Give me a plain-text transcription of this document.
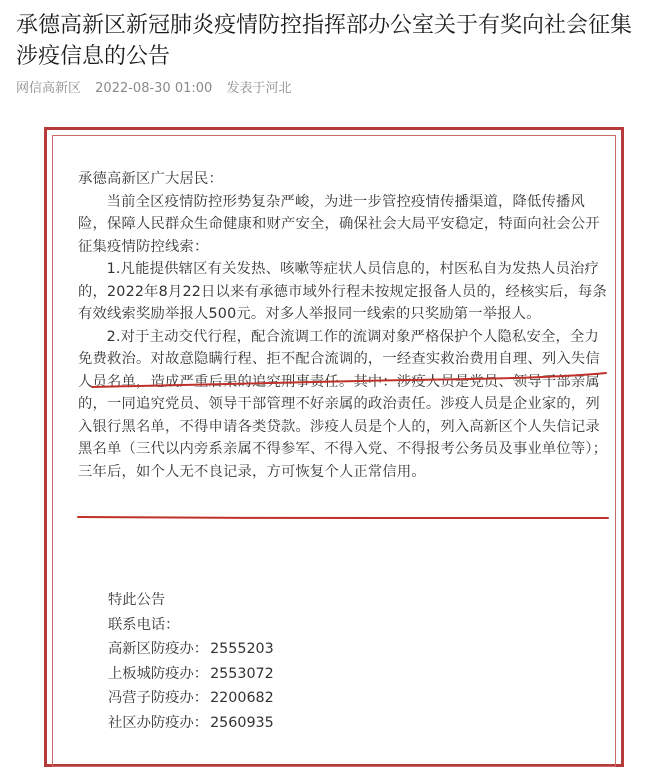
承德高新区新冠肺炎疫情防控指挥部办公室关于有奖向社会征集涉疫信息的公告
网信高新区 2022-08-30 01:00 发表于河北

承德高新区广大居民：

当前全区疫情防控形势复杂严峻，为进一步管控疫情传播渠道，降低传播风险，保障人民群众生命健康和财产安全，确保社会大局平安稳定，特面向社会公开征集疫情防控线索：

1.凡能提供辖区有关发热、咳嗽等症状人员信息的，村医私自为发热人员治疗的，2022年8月22日以来有承德市域外行程未按规定报备人员的，经核实后，每条有效线索奖励举报人500元。对多人举报同一线索的只奖励第一举报人。

2.对于主动交代行程，配合流调工作的流调对象严格保护个人隐私安全，全力免费救治。对故意隐瞒行程、拒不配合流调的，一经查实救治费用自理、列入失信人员名单，造成严重后果的追究刑事责任。其中：涉疫人员是党员、领导干部亲属的，一同追究党员、领导干部管理不好亲属的政治责任。涉疫人员是企业家的，列入银行黑名单，不得申请各类贷款。涉疫人员是个人的，列入高新区个人失信记录黑名单（三代以内旁系亲属不得参军、不得入党、不得报考公务员及事业单位等）；三年后，如个人无不良记录，方可恢复个人正常信用。

特此公告
联系电话：
高新区防疫办： 2555203
上板城防疫办： 2553072
冯营子防疫办： 2200682
社区办防疫办： 2560935
